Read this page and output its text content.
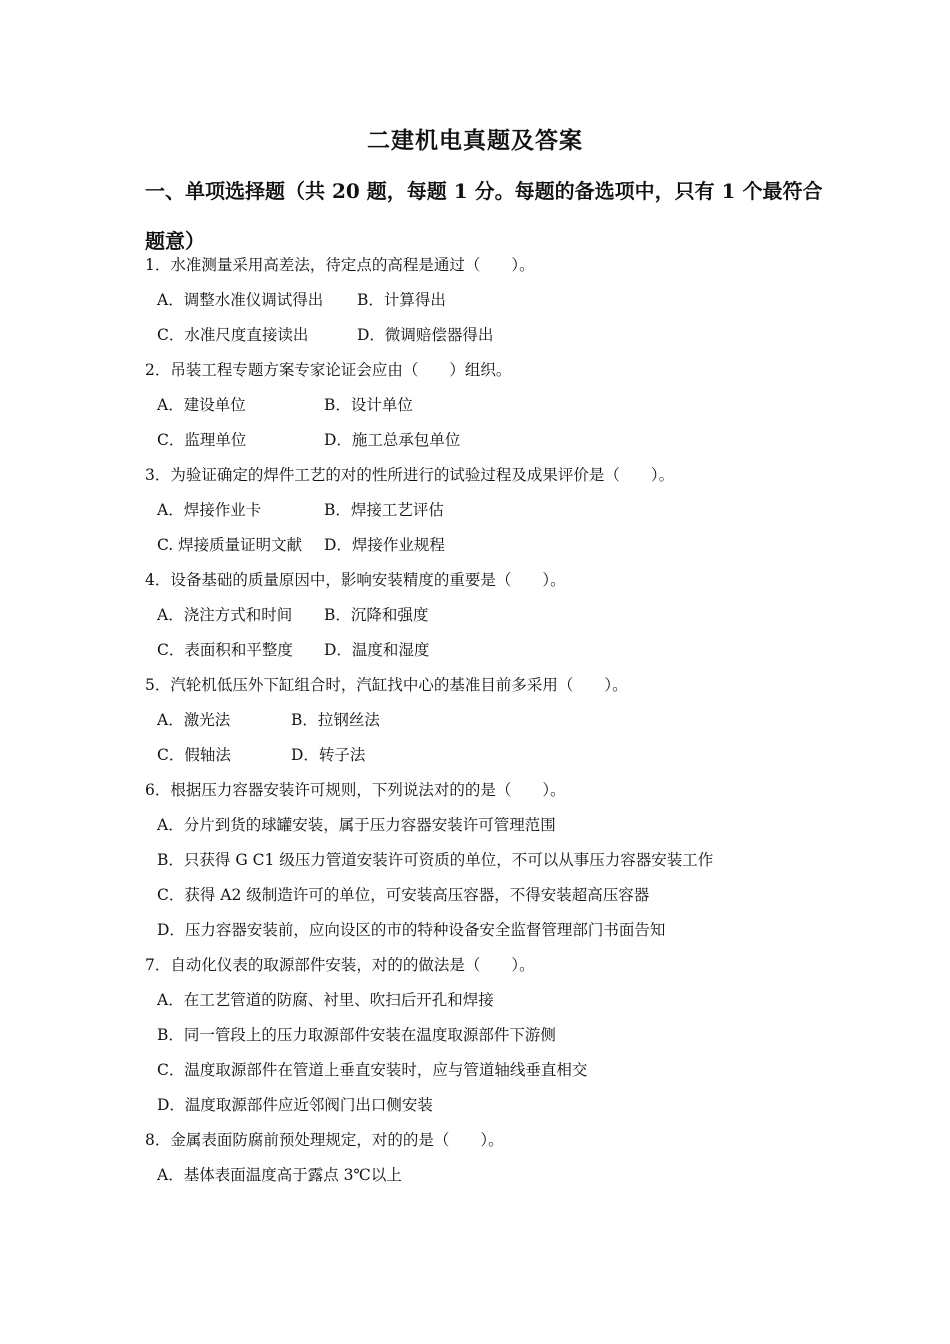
二建机电真题及答案
一、单项选择题（共 20 题，每题 1 分。每题的备选项中，只有 1 个最符合题意）
1．水准测量采用高差法，待定点的高程是通过（　　）。
A．调整水准仪调试得出 B．计算得出
C．水准尺度直接读出	D．微调赔偿器得出
2．吊装工程专题方案专家论证会应由（　　）组织。
A．建设单位	B．设计单位
C．监理单位	D．施工总承包单位
3．为验证确定的焊件工艺的对的性所进行的试验过程及成果评价是（　　）。
A．焊接作业卡	B．焊接工艺评估
C. 焊接质量证明文献 D．焊接作业规程
4．设备基础的质量原因中，影响安装精度的重要是（　　）。
A．浇注方式和时间 B．沉降和强度
C．表面积和平整度 D．温度和湿度
5．汽轮机低压外下缸组合时，汽缸找中心的基准目前多采用（　　）。
A．激光法	B．拉钢丝法
C．假轴法	D．转子法
6．根据压力容器安装许可规则，下列说法对的的是（　　）。
A．分片到货的球罐安装，属于压力容器安装许可管理范围
B．只获得 G C1 级压力管道安装许可资质的单位，不可以从事压力容器安装工作
C．获得 A2 级制造许可的单位，可安装高压容器，不得安装超高压容器
D．压力容器安装前，应向设区的市的特种设备安全监督管理部门书面告知
7．自动化仪表的取源部件安装，对的的做法是（　　）。
A．在工艺管道的防腐、衬里、吹扫后开孔和焊接
B．同一管段上的压力取源部件安装在温度取源部件下游侧
C．温度取源部件在管道上垂直安装时，应与管道轴线垂直相交
D．温度取源部件应近邻阀门出口侧安装
8．金属表面防腐前预处理规定，对的的是（　　）。
A．基体表面温度高于露点 3℃以上
